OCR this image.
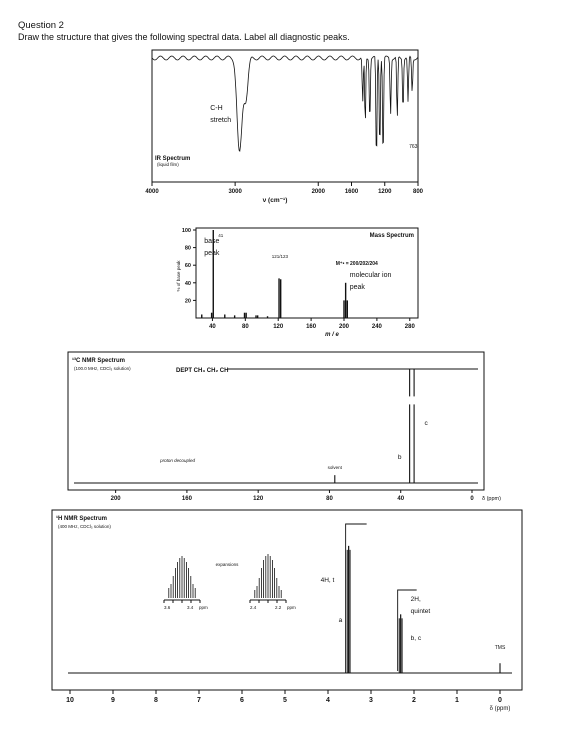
Question 2
Draw the structure that gives the following spectral data. Label all diagnostic peaks.
4000	3000	2000	1600	1200	800
ν (cm⁻¹)
IR Spectrum
(liquid film)
C-H
stretch
763
40	80	120	160	200	240	280
20
40
60
80
100
m / e
% of base peak
Mass Spectrum
base
peak
41
121/123
M⁺• = 200/202/204
molecular ion
peak
solvent
b
c
200	160	120	80	40	0 δ (ppm)
¹³C NMR Spectrum
(100.0 MHz, CDCl₃ solution)	DEPT CH₃ CH₂ CH
proton decoupled
expansions
3.6	3.4 ppm	2.4	2.2 ppm
4H, t
a
2H,
quintet
b, c
TMS
10	9	8	7	6	5	4	3	2	1	0
δ (ppm)
¹H NMR Spectrum
(400 MHz, CDCl₃ solution)
